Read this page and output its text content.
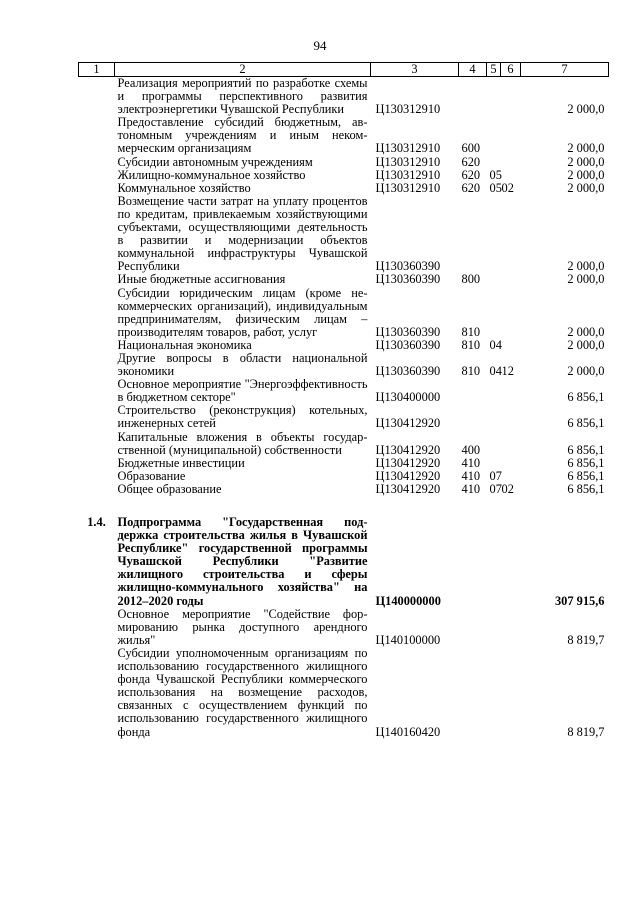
94
1	2	3	4	5	6	7
	Реализация мероприятий по разработке схемы и программы перспективного развития электроэнергетики Чувашской Республики	Ц130312910				2 000,0
	Предоставление субсидий бюджетным, автономным учреждениям и иным некоммерческим организациям	Ц130312910	600			2 000,0
	Субсидии автономным учреждениям	Ц130312910	620			2 000,0
	Жилищно-коммунальное хозяйство	Ц130312910	620	05		2 000,0
	Коммунальное хозяйство	Ц130312910	620	05	02	2 000,0
	Возмещение части затрат на уплату процентов по кредитам, привлекаемым хозяйствующими субъектами, осуществляющими деятельность в развитии и модернизации объектов коммунальной инфраструктуры Чувашской Республики	Ц130360390				2 000,0
	Иные бюджетные ассигнования	Ц130360390	800			2 000,0
	Субсидии юридическим лицам (кроме некоммерческих организаций), индивидуальным предпринимателям, физическим лицам – производителям товаров, работ, услуг	Ц130360390	810			2 000,0
	Национальная экономика	Ц130360390	810	04		2 000,0
	Другие вопросы в области национальной экономики	Ц130360390	810	04	12	2 000,0
	Основное мероприятие "Энергоэффективность в бюджетном секторе"	Ц130400000				6 856,1
	Строительство (реконструкция) котельных, инженерных сетей	Ц130412920				6 856,1
	Капитальные вложения в объекты государственной (муниципальной) собственности	Ц130412920	400			6 856,1
	Бюджетные инвестиции	Ц130412920	410			6 856,1
	Образование	Ц130412920	410	07		6 856,1
	Общее образование	Ц130412920	410	07	02	6 856,1

1.4.	Подпрограмма "Государственная поддержка строительства жилья в Чувашской Республике" государственной программы Чувашской Республики "Развитие жилищного строительства и сферы жилищно-коммунального хозяйства" на 2012–2020 годы	Ц140000000				307 915,6
	Основное мероприятие "Содействие формированию рынка доступного арендного жилья"	Ц140100000				8 819,7
	Субсидии уполномоченным организациям по использованию государственного жилищного фонда Чувашской Республики коммерческого использования на возмещение расходов, связанных с осуществлением функций по использованию государственного жилищного фонда	Ц140160420				8 819,7
